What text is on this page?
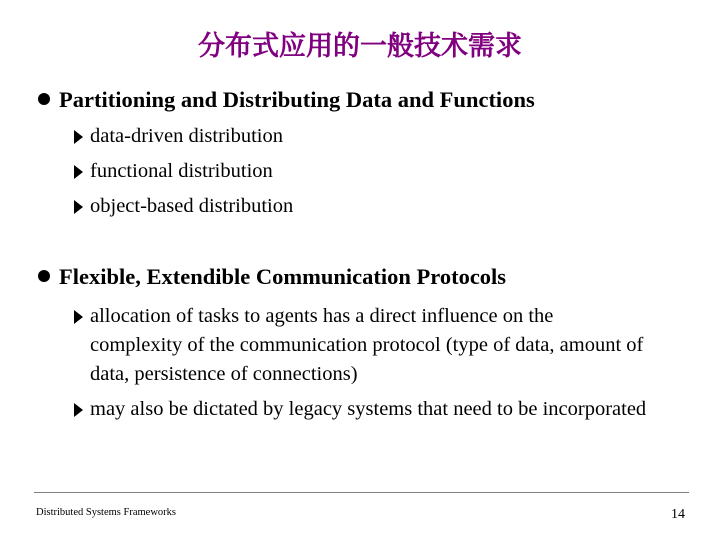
分布式应用的一般技术需求
Partitioning and Distributing Data and Functions
data-driven distribution
functional distribution
object-based distribution
Flexible, Extendible Communication Protocols
allocation of tasks to agents has a direct influence on the complexity of the communication protocol (type of data, amount of data, persistence of connections)
may also be dictated by legacy systems that need to be incorporated
Distributed Systems Frameworks	14
